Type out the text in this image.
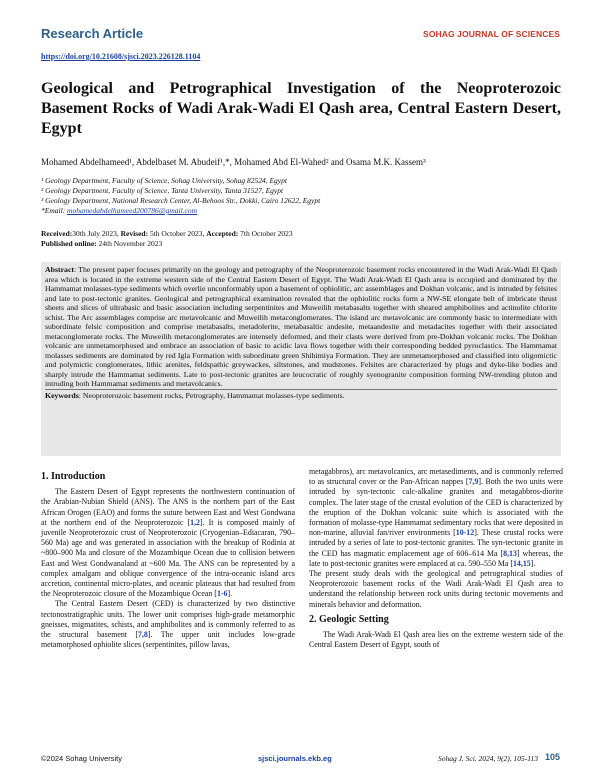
Research Article	SOHAG JOURNAL OF SCIENCES
https://doi.org/10.21608/sjsci.2023.226128.1104
Geological and Petrographical Investigation of the Neoproterozoic Basement Rocks of Wadi Arak-Wadi El Qash area, Central Eastern Desert, Egypt
Mohamed Abdelhameed¹, Abdelbaset M. Abudeif¹,*, Mohamed Abd El-Wahed² and Osama M.K. Kassem³
¹ Geology Department, Faculty of Science, Sohag University, Sohag 82524, Egypt
² Geology Department, Faculty of Science, Tanta University, Tanta 31527, Egypt
³ Geology Department, National Research Center, Al-Behoos Str., Dokki, Cairo 12622, Egypt
*Email: mohamedabdelhameed200786@gmail.com
Received:30th July 2023, Revised: 5th October 2023, Accepted: 7th October 2023
Published online: 24th November 2023
Abstract: The present paper focuses primarily on the geology and petrography of the Neoproterozoic basement rocks encountered in the Wadi Arak-Wadi El Qash area which is located in the extreme western side of the Central Eastern Desert of Egypt. The Wadi Arak-Wadi El Qash area is occupied and dominated by the Hammamat molasses-type sediments which overlie unconformably upon a basement of ophiolitic, arc assemblages and Dokhan volcanic, and is intruded by felsites and late to post-tectonic granites. Geological and petrographical examination revealed that the ophiolitic rocks form a NW-SE elongate belt of imbricate thrust sheets and slices of ultrabasic and basic association including serpentinites and Muweilih metabasalts together with sheared amphibolites and actinolite chlorite schist. The Arc assemblages comprise arc metavolcanic and Muweilih metaconglomerates. The island arc metavolcanic are commonly basic to intermediate with subordinate felsic composition and comprise metabasalts, metadolerite, metabasaltic andesite, metaandesite and metadacites together with their associated metaconglomerate rocks. The Muweilih metaconglomerates are intensely deformed, and their clasts were derived from pre-Dokhan volcanic rocks. The Dokhan volcanic are unmetamorphosed and embrace an association of basic to acidic lava flows together with their corresponding bedded pyroclastics. The Hammamat molasses sediments are dominated by red Igla Formation with subordinate green Shihimiya Formation. They are unmetamorphosed and classified into oligomictic and polymictic conglomerates, lithic arenites, feldspathic greywackes, siltstones, and mudstones. Felsites are characterized by plugs and dyke-like bodies and sharply intrude the Hammamat sediments. Late to post-tectonic granites are leucocratic of roughly syenogranite composition forming NW-trending pluton and intruding both Hammamat sediments and metavolcanics.
Keywords: Neoproterozoic basement rocks, Petrography, Hammamat molasses-type sediments.
1. Introduction

The Eastern Desert of Egypt represents the northwestern continuation of the Arabian-Nubian Shield (ANS). The ANS is the northern part of the East African Orogen (EAO) and forms the suture between East and West Gondwana at the northern end of the Neoproterozoic [1,2]. It is composed mainly of juvenile Neoproterozoic crust of Neoproterozoic (Cryogenian–Ediacaran, 790–560 Ma) age and was generated in association with the breakup of Rodinia at ~800–900 Ma and closure of the Mozambique Ocean due to collision between East and West Gondwanaland at ~600 Ma. The ANS can be represented by a complex amalgam and oblique convergence of the intra-oceanic island arcs accretion, continental micro-plates, and oceanic plateaus that had resulted from the Neoproterozoic closure of the Mozambique Ocean [1-6].

The Central Eastern Desert (CED) is characterized by two distinctive tectonostratigraphic units. The lower unit comprises high-grade metamorphic gneisses, migmatites, schists, and amphibolites and is commonly referred to as the structural basement [7,8]. The upper unit includes low-grade metamorphosed ophiolite slices (serpentinites, pillow lavas,

metagabbros), arc metavolcanics, arc metasediments, and is commonly referred to as structural cover or the Pan-African nappes [7,9]. Both the two units were intruded by syn-tectonic calc-alkaline granites and metagabbros-diorite complex. The later stage of the crustal evolution of the CED is characterized by the eruption of the Dokhan volcanic suite which is associated with the formation of molasse-type Hammamat sedimentary rocks that were deposited in non-marine, alluvial fan/river environments [10-12]. These crustal rocks were intruded by a series of late to post-tectonic granites. The syn-tectonic granite in the CED has magmatic emplacement age of 606–614 Ma [8,13] whereas, the late to post-tectonic granites were emplaced at ca. 590–550 Ma [14,15].

The present study deals with the geological and petrographical studies of Neoproterozoic basement rocks of the Wadi Arak-Wadi El Qash area to understand the relationship between rock units during tectonic movements and minerals behavior and deformation.

2. Geologic Setting

The Wadi Arak-Wadi El Qash area lies on the extreme western side of the Central Eastern Desert of Egypt, south of

©2024 Sohag University	sjsci.journals.ekb.eg	Sohag J. Sci. 2024, 9(2), 105-113 105
